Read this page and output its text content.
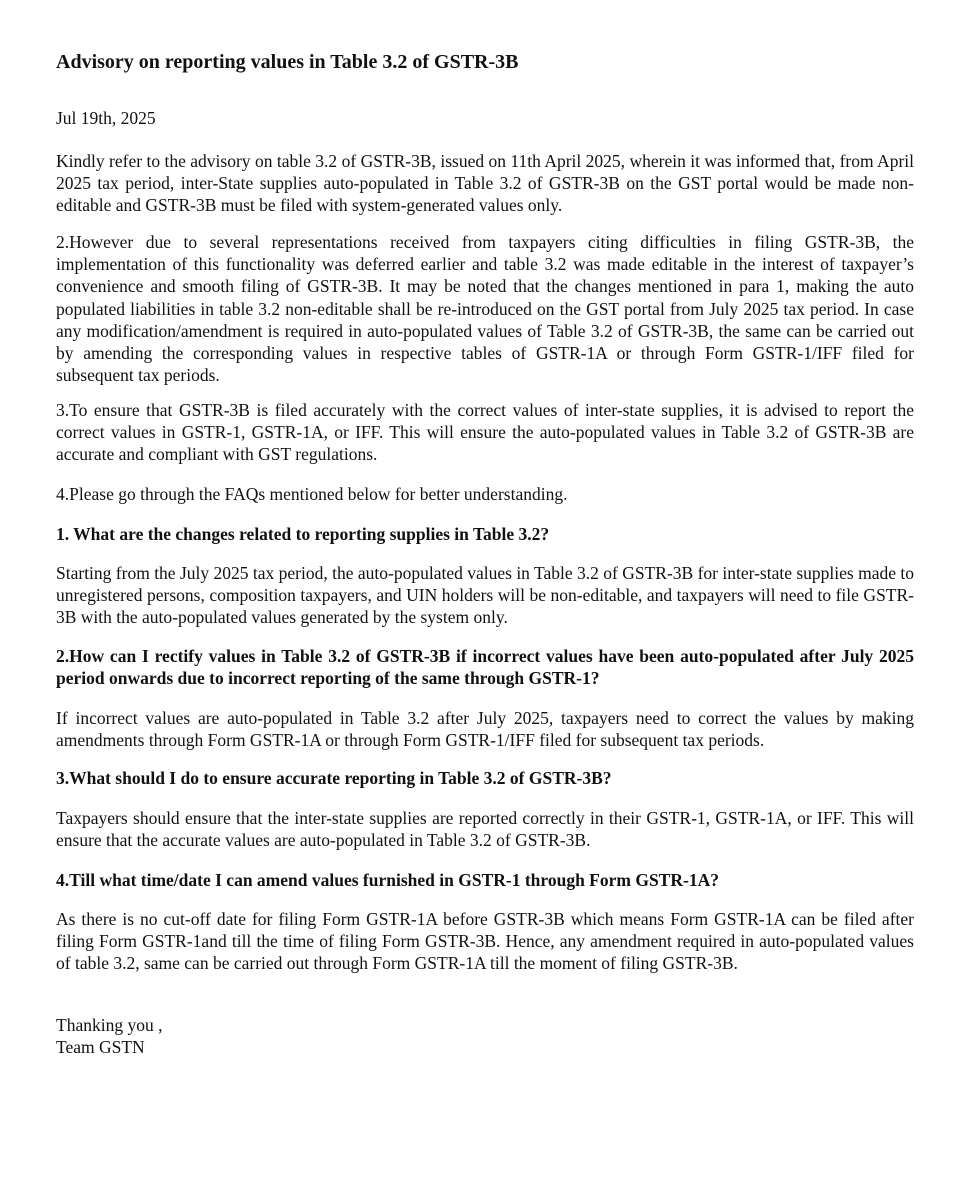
Advisory on reporting values in Table 3.2 of GSTR-3B
Jul 19th, 2025

Kindly refer to the advisory on table 3.2 of GSTR-3B, issued on 11th April 2025, wherein it was informed that, from April 2025 tax period, inter-State supplies auto-populated in Table 3.2 of GSTR-3B on the GST portal would be made non-editable and GSTR-3B must be filed with system-generated values only.

2.However due to several representations received from taxpayers citing difficulties in filing GSTR-3B, the implementation of this functionality was deferred earlier and table 3.2 was made editable in the interest of taxpayer’s convenience and smooth filing of GSTR-3B. It may be noted that the changes mentioned in para 1, making the auto populated liabilities in table 3.2 non-editable shall be re-introduced on the GST portal from July 2025 tax period. In case any modification/amendment is required in auto-populated values of Table 3.2 of GSTR-3B, the same can be carried out by amending the corresponding values in respective tables of GSTR-1A or through Form GSTR-1/IFF filed for subsequent tax periods.

3.To ensure that GSTR-3B is filed accurately with the correct values of inter-state supplies, it is advised to report the correct values in GSTR-1, GSTR-1A, or IFF. This will ensure the auto-populated values in Table 3.2 of GSTR-3B are accurate and compliant with GST regulations.

4.Please go through the FAQs mentioned below for better understanding.

1. What are the changes related to reporting supplies in Table 3.2?

Starting from the July 2025 tax period, the auto-populated values in Table 3.2 of GSTR-3B for inter-state supplies made to unregistered persons, composition taxpayers, and UIN holders will be non-editable, and taxpayers will need to file GSTR-3B with the auto-populated values generated by the system only.

2.How can I rectify values in Table 3.2 of GSTR-3B if incorrect values have been auto-populated after July 2025 period onwards due to incorrect reporting of the same through GSTR-1?

If incorrect values are auto-populated in Table 3.2 after July 2025, taxpayers need to correct the values by making amendments through Form GSTR-1A or through Form GSTR-1/IFF filed for subsequent tax periods.

3.What should I do to ensure accurate reporting in Table 3.2 of GSTR-3B?

Taxpayers should ensure that the inter-state supplies are reported correctly in their GSTR-1, GSTR-1A, or IFF. This will ensure that the accurate values are auto-populated in Table 3.2 of GSTR-3B.

4.Till what time/date I can amend values furnished in GSTR-1 through Form GSTR-1A?

As there is no cut-off date for filing Form GSTR-1A before GSTR-3B which means Form GSTR-1A can be filed after filing Form GSTR-1and till the time of filing Form GSTR-3B. Hence, any amendment required in auto-populated values of table 3.2, same can be carried out through Form GSTR-1A till the moment of filing GSTR-3B.

Thanking you ,
Team GSTN
